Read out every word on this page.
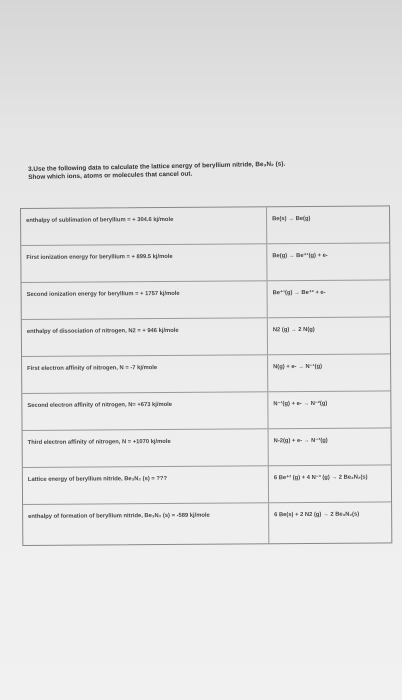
3.Use the following data to calculate the lattice energy of beryllium nitride, Be₃N₂ (s).
Show which ions, atoms or molecules that cancel out.
enthalpy of sublimation of beryllium = + 304.6 kj/mole	Be(s) → Be(g)
First ionization energy for beryllium = + 899.5 kj/mole	Be(g) → Be⁺¹(g) + e-
Second ionization energy for beryllium = + 1757 kj/mole	Be⁺¹(g) → Be⁺² + e-
enthalpy of dissociation of nitrogen, N2 = + 946 kj/mole	N2 (g) → 2 N(g)
First electron affinity of nitrogen, N = -7 kj/mole	N(g) + e- → N⁻¹(g)
Second electron affinity of nitrogen, N= +673 kj/mole	N⁻¹(g) + e- → N⁻²(g)
Third electron affinity of nitrogen, N = +1070 kj/mole	N-2(g) + e- → N⁻³(g)
Lattice energy of beryllium nitride, Be₃N₂ (s) = ???	6 Be⁺² (g) + 4 N⁻³ (g) → 2 Be₃N₂(s)
enthalpy of formation of beryllium nitride, Be₃N₂ (s) = -589 kj/mole	6 Be(s) + 2 N2 (g) → 2 Be₃N₂(s)
